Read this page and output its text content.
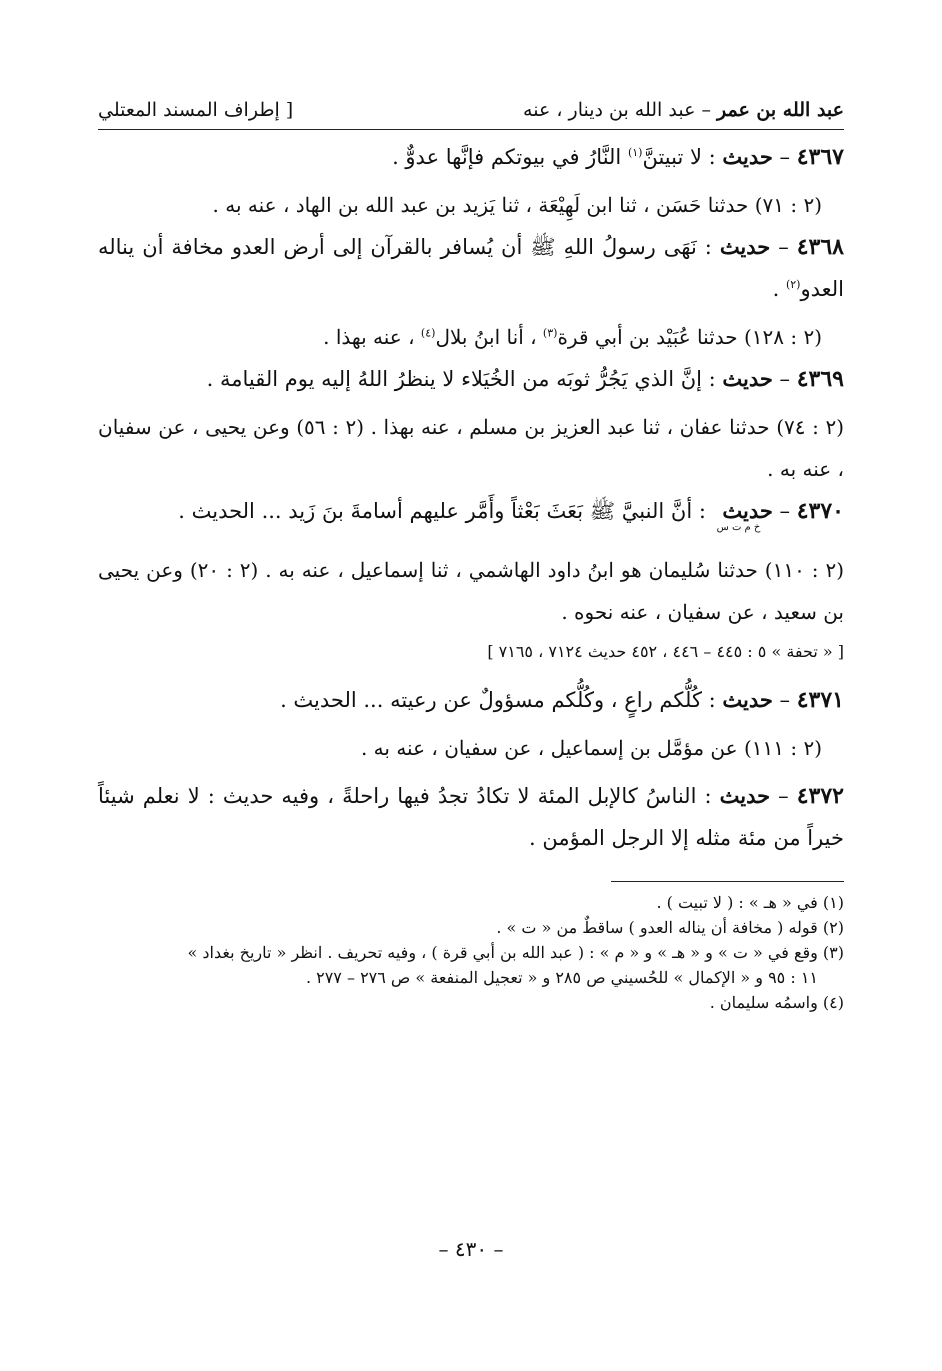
عبد الله بن عمر – عبد الله بن دينار ، عنه
[ إطراف المسند المعتلي

٤٣٦٧ – حديث : لا تبيتنَّ$^{(١)}$ النَّارُ في بيوتكم فإنَّها عدوٌّ .

(٢ : ٧١) حدثنا حَسَن ، ثنا ابن لَهِيْعَة ، ثنا يَزيد بن عبد الله بن الهاد ، عنه به .

٤٣٦٨ – حديث : نَهَى رسولُ اللهِ ﷺ أن يُسافر بالقرآن إلى أرض العدو مخافة أن يناله العدو$^{(٢)}$ .

(٢ : ١٢٨) حدثنا عُبَيْد بن أبي قرة$^{(٣)}$ ، أنا ابنُ بلال$^{(٤)}$ ، عنه بهذا .

٤٣٦٩ – حديث : إنَّ الذي يَجُرُّ ثوبَه من الخُيَلاء لا ينظرُ اللهُ إليه يوم القيامة .

(٢ : ٧٤) حدثنا عفان ، ثنا عبد العزيز بن مسلم ، عنه بهذا . (٢ : ٥٦) وعن يحيى ، عن سفيان ، عنه به .

٤٣٧٠ – حديثخ م ت س : أنَّ النبيَّ ﷺ بَعَثَ بَعْثاً وأَمَّر عليهم أسامةَ بنَ زَيد ... الحديث .

(٢ : ١١٠) حدثنا سُليمان هو ابنُ داود الهاشمي ، ثنا إسماعيل ، عنه به . (٢ : ٢٠) وعن يحيى بن سعيد ، عن سفيان ، عنه نحوه .

[ « تحفة » ٥ : ٤٤٥ – ٤٤٦ ، ٤٥٢ حديث ٧١٢٤ ، ٧١٦٥ ]

٤٣٧١ – حديث : كُلُّكم راعٍ ، وكُلُّكم مسؤولٌ عن رعيته ... الحديث .

(٢ : ١١١) عن مؤمَّل بن إسماعيل ، عن سفيان ، عنه به .

٤٣٧٢ – حديث : الناسُ كالإبل المئة لا تكادُ تجدُ فيها راحلةً ، وفيه حديث : لا نعلم شيئاً خيراً من مئة مثله إلا الرجل المؤمن .

(١) في « هـ » : ( لا تبيت ) .

(٢) قوله ( مخافة أن يناله العدو ) ساقطٌ من « ت » .

(٣) وقع في « ت » و « هـ » و « م » : ( عبد الله بن أبي قرة ) ، وفيه تحريف . انظر « تاريخ بغداد »

١١ : ٩٥ و « الإكمال » للحُسيني ص ٢٨٥ و « تعجيل المنفعة » ص ٢٧٦ – ٢٧٧ .

(٤) واسمُه سليمان .

– ٤٣٠ –
